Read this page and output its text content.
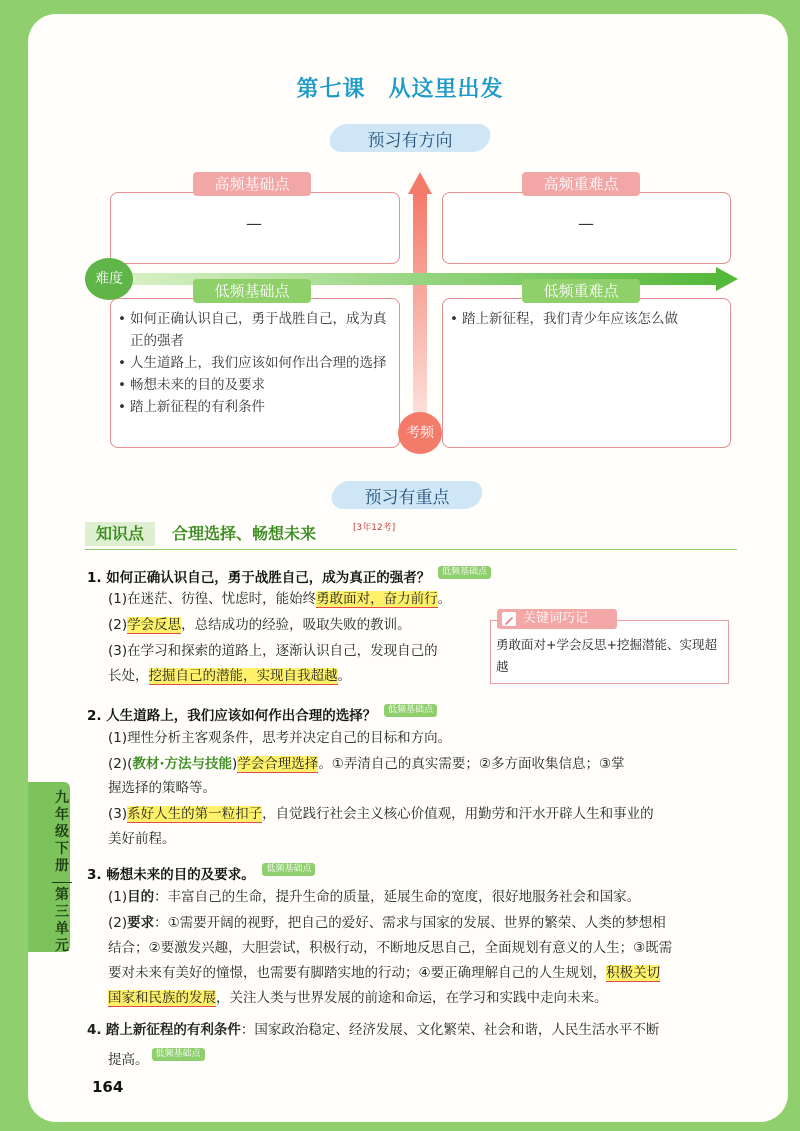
九年级下册
第三单元
第七课　从这里出发
预习有方向
高频基础点
—
高频重难点
—
低频基础点
• 如何正确认识自己，勇于战胜自己，成为真正的强者
• 人生道路上，我们应该如何作出合理的选择
• 畅想未来的目的及要求
• 踏上新征程的有利条件
低频重难点
• 踏上新征程，我们青少年应该怎么做
难度
考频
预习有重点
知识点	合理选择、畅想未来	[3年12考]
1. 如何正确认识自己，勇于战胜自己，成为真正的强者？ 低频基础点
(1)在迷茫、彷徨、忧虑时，能始终勇敢面对，奋力前行。
(2)学会反思，总结成功的经验，吸取失败的教训。
(3)在学习和探索的道路上，逐渐认识自己，发现自己的
长处，挖掘自己的潜能，实现自我超越。
关键词巧记
勇敢面对+学会反思+挖掘潜能、实现超越
2. 人生道路上，我们应该如何作出合理的选择？ 低频基础点
(1)理性分析主客观条件，思考并决定自己的目标和方向。
(2)(教材·方法与技能)学会合理选择。①弄清自己的真实需要；②多方面收集信息；③掌
握选择的策略等。
(3)系好人生的第一粒扣子，自觉践行社会主义核心价值观，用勤劳和汗水开辟人生和事业的
美好前程。
3. 畅想未来的目的及要求。 低频基础点
(1)目的：丰富自己的生命，提升生命的质量，延展生命的宽度，很好地服务社会和国家。
(2)要求：①需要开阔的视野，把自己的爱好、需求与国家的发展、世界的繁荣、人类的梦想相
结合；②要激发兴趣，大胆尝试，积极行动，不断地反思自己，全面规划有意义的人生；③既需
要对未来有美好的憧憬，也需要有脚踏实地的行动；④要正确理解自己的人生规划，积极关切
国家和民族的发展，关注人类与世界发展的前途和命运，在学习和实践中走向未来。
4. 踏上新征程的有利条件：国家政治稳定、经济发展、文化繁荣、社会和谐，人民生活水平不断
提高。 低频基础点
164
